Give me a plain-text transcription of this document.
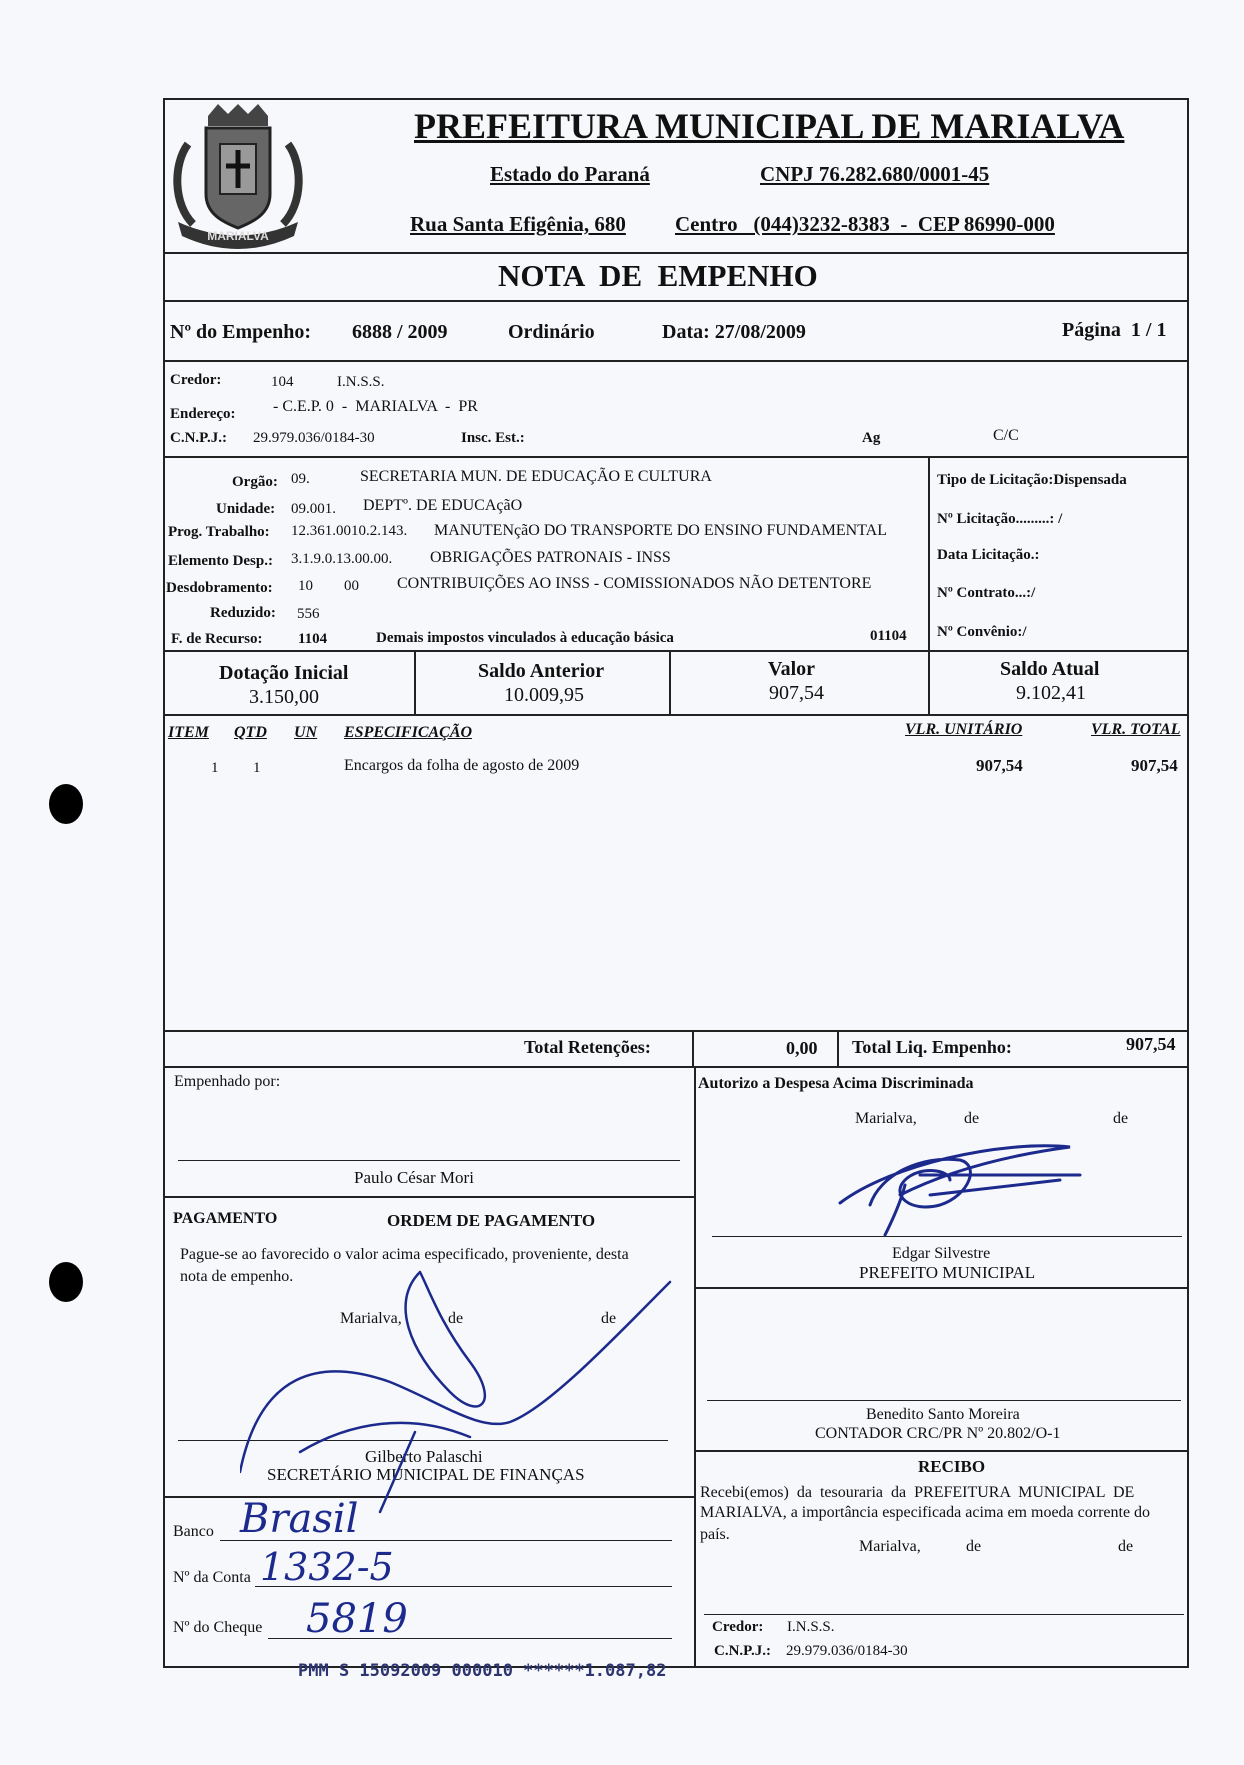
MARIALVA
PREFEITURA MUNICIPAL DE MARIALVA
Estado do Paraná	CNPJ 76.282.680/0001-45
Rua Santa Efigênia, 680 Centro   (044)3232-8383  -  CEP 86990-000
NOTA  DE  EMPENHO
Nº do Empenho: 6888 / 2009	Ordinário	Data: 27/08/2009	Página  1 / 1
Credor:	104	I.N.S.S.
Endereço: - C.E.P. 0  -  MARIALVA  -  PR
C.N.P.J.: 29.979.036/0184-30	Insc. Est.:	Ag	C/C
Orgão: 09.	SECRETARIA MUN. DE EDUCAÇÃO E CULTURA
Unidade: 09.001. DEPTº. DE EDUCAçãO
Prog. Trabalho: 12.361.0010.2.143. MANUTENçãO DO TRANSPORTE DO ENSINO FUNDAMENTAL
Elemento Desp.: 3.1.9.0.13.00.00. OBRIGAÇÕES PATRONAIS - INSS
Desdobramento: 10 00 CONTRIBUIÇÕES AO INSS - COMISSIONADOS NÃO DETENTORE
Reduzido: 556
F. de Recurso: 1104	Demais impostos vinculados à educação básica	01104
Tipo de Licitação:Dispensada
Nº Licitação.........: /
Data Licitação.:
Nº Contrato...:/
Nº Convênio:/
Dotação Inicial
3.150,00
Saldo Anterior
10.009,95
Valor
907,54
Saldo Atual
9.102,41
ITEM QTD UN ESPECIFICAÇÃO	VLR. UNITÁRIO	VLR. TOTAL
1 1	Encargos da folha de agosto de 2009	907,54	907,54
Total Retenções:	0,00 Total Liq. Empenho:	907,54
Empenhado por:
Paulo César Mori
PAGAMENTO	ORDEM DE PAGAMENTO
Pague-se ao favorecido o valor acima especificado, proveniente, desta
nota de empenho.
Marialva,	de	de
Gilberto Palaschi
SECRETÁRIO MUNICIPAL DE FINANÇAS
Banco Brasil
Nº da Conta 1332-5
Nº do Cheque 5819
Autorizo a Despesa Acima Discriminada
Marialva,	de	de
Edgar Silvestre
PREFEITO MUNICIPAL
Benedito Santo Moreira
CONTADOR CRC/PR Nº 20.802/O-1
RECIBO
Recebi(emos)  da  tesouraria  da  PREFEITURA  MUNICIPAL  DE
MARIALVA, a importância especificada acima em moeda corrente do
país.
Marialva,	de	de
Credor: I.N.S.S.
C.N.P.J.: 29.979.036/0184-30
PMM S 15092009 000010 ******1.087,82
